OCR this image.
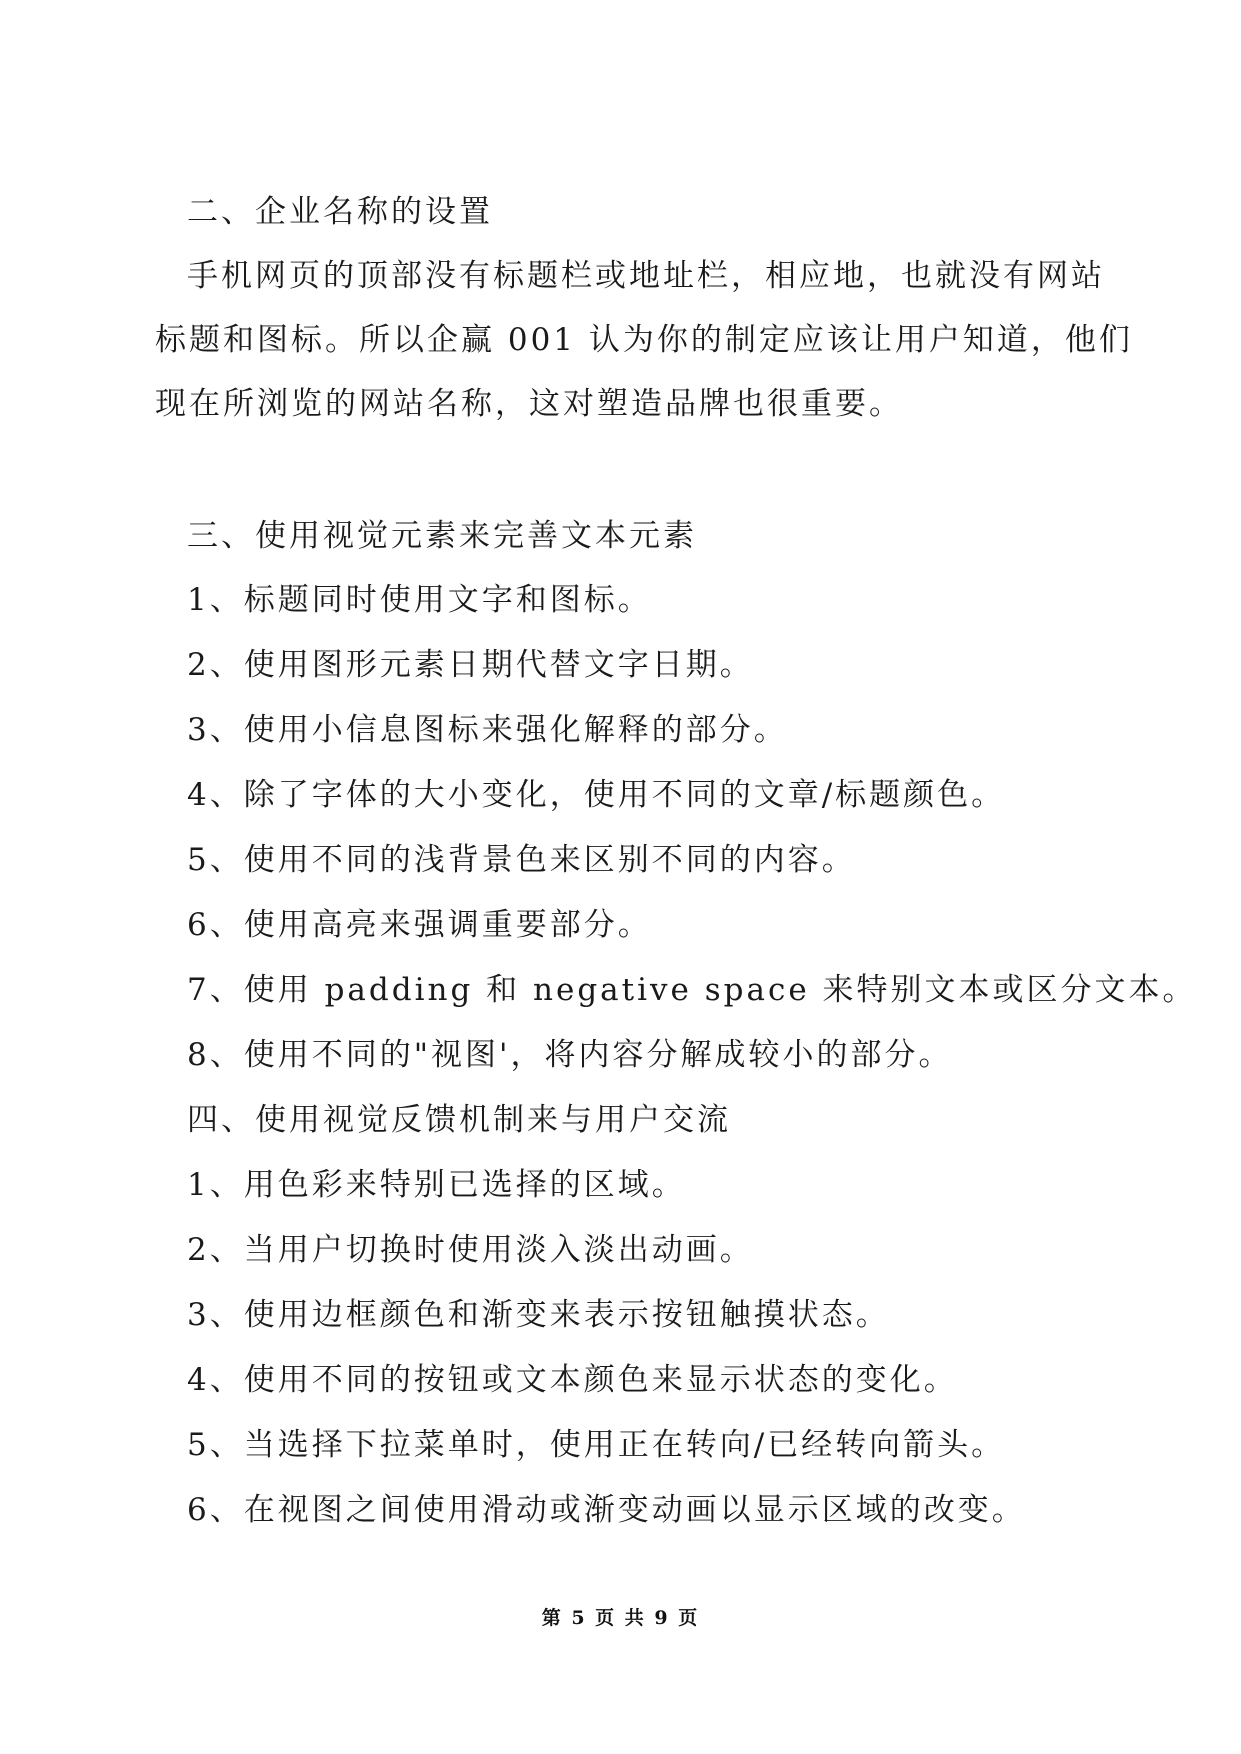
二、企业名称的设置
手机网页的顶部没有标题栏或地址栏，相应地，也就没有网站
标题和图标。所以企赢 001 认为你的制定应该让用户知道，他们
现在所浏览的网站名称，这对塑造品牌也很重要。
三、使用视觉元素来完善文本元素
1、标题同时使用文字和图标。
2、使用图形元素日期代替文字日期。
3、使用小信息图标来强化解释的部分。
4、除了字体的大小变化，使用不同的文章/标题颜色。
5、使用不同的浅背景色来区别不同的内容。
6、使用高亮来强调重要部分。
7、使用 padding 和 negative space 来特别文本或区分文本。
8、使用不同的"视图'，将内容分解成较小的部分。
四、使用视觉反馈机制来与用户交流
1、用色彩来特别已选择的区域。
2、当用户切换时使用淡入淡出动画。
3、使用边框颜色和渐变来表示按钮触摸状态。
4、使用不同的按钮或文本颜色来显示状态的变化。
5、当选择下拉菜单时，使用正在转向/已经转向箭头。
6、在视图之间使用滑动或渐变动画以显示区域的改变。
第 5 页 共 9 页
